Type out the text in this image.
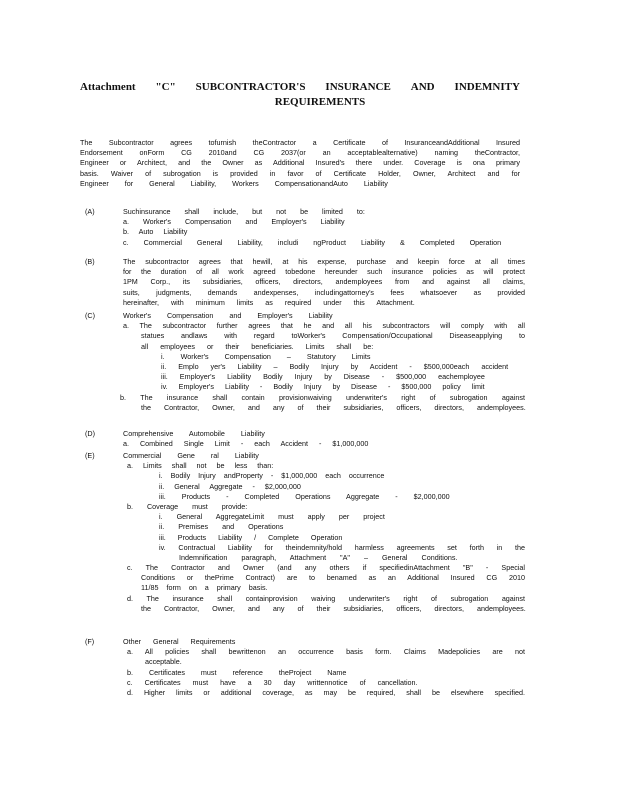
Attachment "C" SUBCONTRACTOR'S INSURANCE AND INDEMNITY
REQUIREMENTS

The Subcontractor agrees tofurnish theContractor a Certificate of InsuranceandAdditional Insured

Endorsement onForm CG 2010and CG 2037(or an acceptablealternative) naming theContractor,

Engineer or Architect, and the Owner as Additional Insured's there under. Coverage is ona primary

basis. Waiver of subrogation is provided in favor of Certificate Holder, Owner, Architect and for

Engineer for General Liability, Workers CompensationandAuto Liability

(A)	Suchinsurance shall include, but not be limited to:
a. Worker's Compensation and Employer's Liability
b. Auto Liability
c. Commercial General Liability, includi ngProduct Liability & Completed Operation
(B)	The subcontractor agrees that hewill, at his expense, purchase and keepin force at all times
for the duration of all work agreed tobedone hereunder such insurance policies as will protect
1PM Corp., its subsidiaries, officers, directors, andemployees from and against all claims,
suits, judgments, demands andexpenses, includingattorney's fees whatsoever as provided
hereinafter, with minimum limits as required under this Attachment.
(C)	Worker's Compensation and Employer's Liability
a. The subcontractor further agrees that he and all his subcontractors will comply with all
statues andlaws with regard toWorker's Compensation/Occupational Diseaseapplying to
all employees or their beneficiaries. Limits shall be:
i. Worker's Compensation – Statutory Limits
ii. Emplo yer's Liability – Bodily Injury by Accident - $500,000each accident
iii. Employer's Liability Bodily Injury by Disease - $500,000 eachemployee
iv. Employer's Liability - Bodily Injury by Disease - $500,000 policy limit
b. The insurance shall contain provisionwaiving underwriter's right of subrogation against
the Contractor, Owner, and any of their subsidiaries, officers, directors, andemployees.
(D)	Comprehensive Automobile Liability
a. Combined Single Limit - each Accident - $1,000,000
(E)	Commercial Gene ral Liability
a. Limits shall not be less than:
i. Bodily Injury andProperty - $1,000,000 each occurrence
ii. General Aggregate - $2,000,000
iii. Products - Completed Operations Aggregate - $2,000,000
b. Coverage must provide:
i. General AggregateLimit must apply per project
ii. Premises and Operations
iii. Products Liability / Complete Operation
iv. Contractual Liability for theindemnity/hold harmless agreements set forth in the
Indemnification paragraph, Attachment "A" – General Conditions.
c. The Contractor and Owner (and any others if specifiedinAttachment "B" - Special
Conditions or thePrime Contract) are to benamed as an Additional Insured CG 2010
11/85 form on a primary basis.
d. The insurance shall containprovision waiving underwriter's right of subrogation against
the Contractor, Owner, and any of their subsidiaries, officers, directors, andemployees.
(F)	Other General Requirements
a. All policies shall bewrittenon an occurrence basis form. Claims Madepolicies are not
acceptable.
b. Certificates must reference theProject Name
c. Certificates must have a 30 day writtennotice of cancellation.
d. Higher limits or additional coverage, as may be required, shall be elsewhere specified.
